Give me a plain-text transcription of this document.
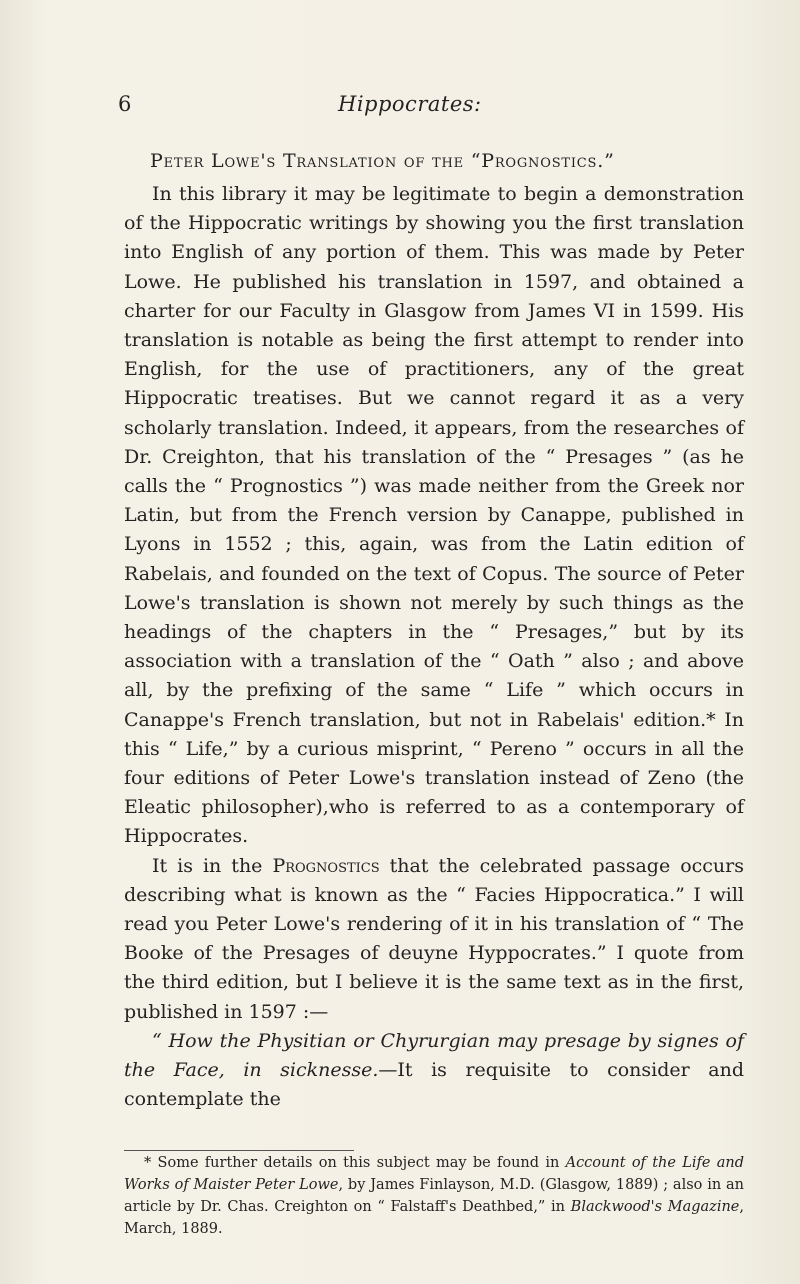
6	Hippocrates:
Peter Lowe's Translation of the “Prognostics.”

In this library it may be legitimate to begin a demonstration of the Hippocratic writings by showing you the first translation into English of any portion of them. This was made by Peter Lowe. He published his translation in 1597, and obtained a charter for our Faculty in Glasgow from James VI in 1599. His translation is notable as being the first attempt to render into English, for the use of practitioners, any of the great Hippocratic treatises. But we cannot regard it as a very scholarly translation. Indeed, it appears, from the researches of Dr. Creighton, that his translation of the “ Presages ” (as he calls the “ Prognostics ”) was made neither from the Greek nor Latin, but from the French version by Canappe, published in Lyons in 1552 ; this, again, was from the Latin edition of Rabelais, and founded on the text of Copus. The source of Peter Lowe's translation is shown not merely by such things as the headings of the chapters in the “ Presages,” but by its association with a translation of the “ Oath ” also ; and above all, by the prefixing of the same “ Life ” which occurs in Canappe's French translation, but not in Rabelais' edition.* In this “ Life,” by a curious misprint, “ Pereno ” occurs in all the four editions of Peter Lowe's translation instead of Zeno (the Eleatic philosopher),who is referred to as a contemporary of Hippocrates.

It is in the Prognostics that the celebrated passage occurs describing what is known as the “ Facies Hippocratica.” I will read you Peter Lowe's rendering of it in his translation of “ The Booke of the Presages of deuyne Hyppocrates.” I quote from the third edition, but I believe it is the same text as in the first, published in 1597 :—

“ How the Physitian or Chyrurgian may presage by signes of the Face, in sicknesse.—It is requisite to consider and contemplate the

* Some further details on this subject may be found in Account of the Life and Works of Maister Peter Lowe, by James Finlayson, M.D. (Glasgow, 1889) ; also in an article by Dr. Chas. Creighton on “ Falstaff's Deathbed,” in Blackwood's Magazine, March, 1889.
